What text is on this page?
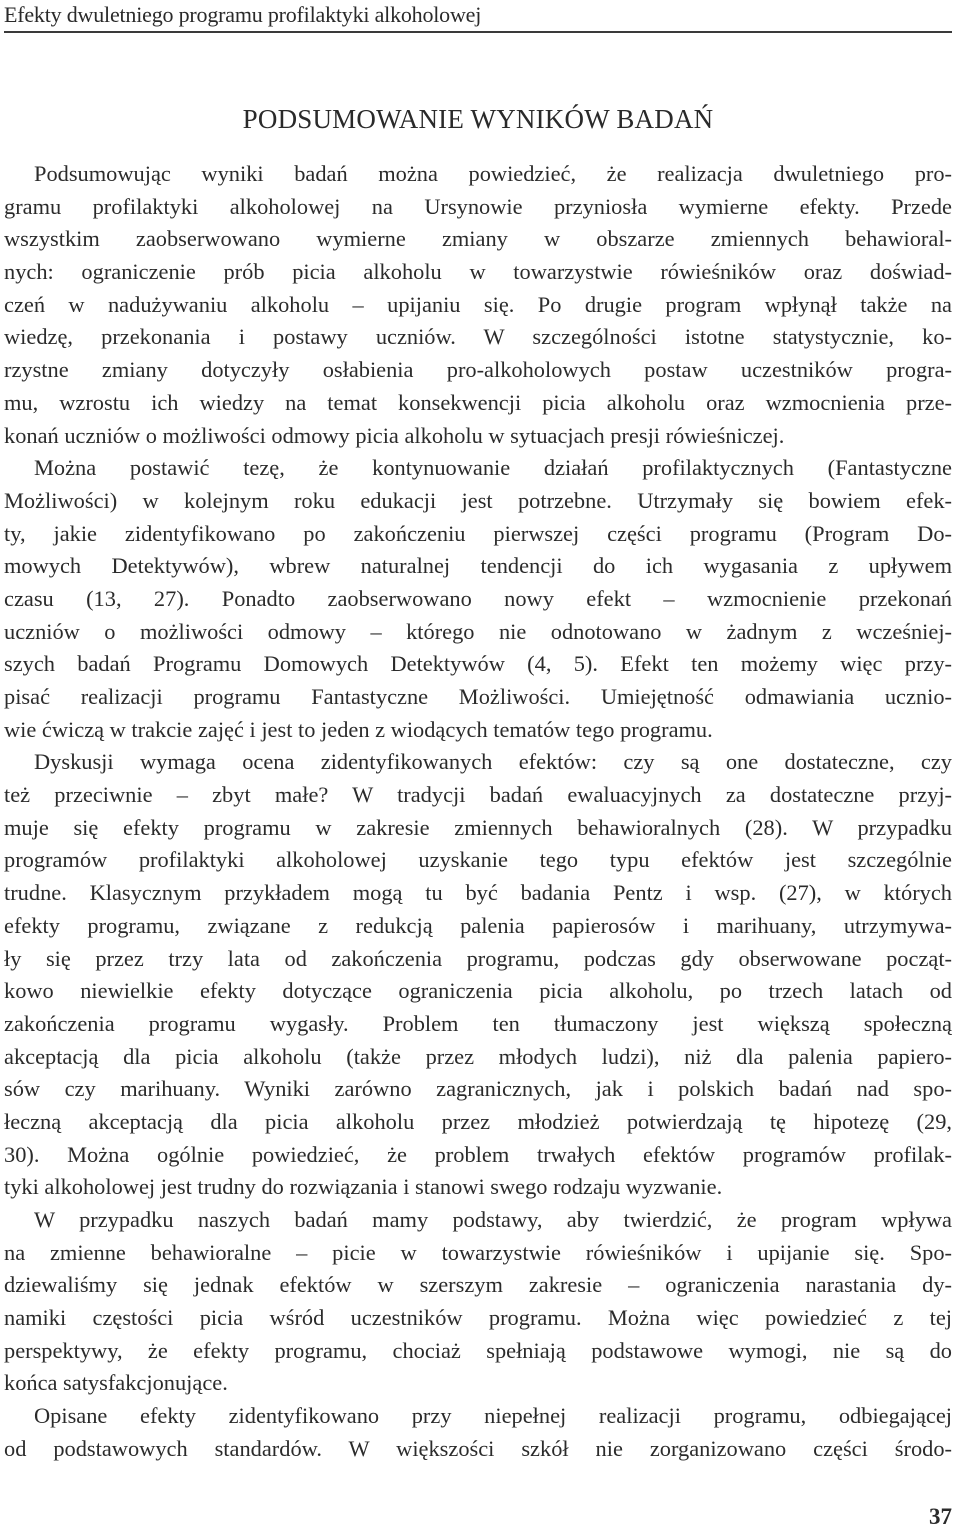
Efekty dwuletniego programu profilaktyki alkoholowej
PODSUMOWANIE WYNIKÓW BADAŃ
Podsumowując wyniki badań można powiedzieć, że realizacja dwuletniego pro-
gramu profilaktyki alkoholowej na Ursynowie przyniosła wymierne efekty. Przede
wszystkim zaobserwowano wymierne zmiany w obszarze zmiennych behawioral-
nych: ograniczenie prób picia alkoholu w towarzystwie rówieśników oraz doświad-
czeń w nadużywaniu alkoholu – upijaniu się. Po drugie program wpłynął także na
wiedzę, przekonania i postawy uczniów. W szczególności istotne statystycznie, ko-
rzystne zmiany dotyczyły osłabienia pro-alkoholowych postaw uczestników progra-
mu, wzrostu ich wiedzy na temat konsekwencji picia alkoholu oraz wzmocnienia prze-
konań uczniów o możliwości odmowy picia alkoholu w sytuacjach presji rówieśniczej.
Można postawić tezę, że kontynuowanie działań profilaktycznych (Fantastyczne
Możliwości) w kolejnym roku edukacji jest potrzebne. Utrzymały się bowiem efek-
ty, jakie zidentyfikowano po zakończeniu pierwszej części programu (Program Do-
mowych Detektywów), wbrew naturalnej tendencji do ich wygasania z upływem
czasu (13, 27). Ponadto zaobserwowano nowy efekt – wzmocnienie przekonań
uczniów o możliwości odmowy – którego nie odnotowano w żadnym z wcześniej-
szych badań Programu Domowych Detektywów (4, 5). Efekt ten możemy więc przy-
pisać realizacji programu Fantastyczne Możliwości. Umiejętność odmawiania ucznio-
wie ćwiczą w trakcie zajęć i jest to jeden z wiodących tematów tego programu.
Dyskusji wymaga ocena zidentyfikowanych efektów: czy są one dostateczne, czy
też przeciwnie – zbyt małe? W tradycji badań ewaluacyjnych za dostateczne przyj-
muje się efekty programu w zakresie zmiennych behawioralnych (28). W przypadku
programów profilaktyki alkoholowej uzyskanie tego typu efektów jest szczególnie
trudne. Klasycznym przykładem mogą tu być badania Pentz i wsp. (27), w których
efekty programu, związane z redukcją palenia papierosów i marihuany, utrzymywa-
ły się przez trzy lata od zakończenia programu, podczas gdy obserwowane począt-
kowo niewielkie efekty dotyczące ograniczenia picia alkoholu, po trzech latach od
zakończenia programu wygasły. Problem ten tłumaczony jest większą społeczną
akceptacją dla picia alkoholu (także przez młodych ludzi), niż dla palenia papiero-
sów czy marihuany. Wyniki zarówno zagranicznych, jak i polskich badań nad spo-
łeczną akceptacją dla picia alkoholu przez młodzież potwierdzają tę hipotezę (29,
30). Można ogólnie powiedzieć, że problem trwałych efektów programów profilak-
tyki alkoholowej jest trudny do rozwiązania i stanowi swego rodzaju wyzwanie.
W przypadku naszych badań mamy podstawy, aby twierdzić, że program wpływa
na zmienne behawioralne – picie w towarzystwie rówieśników i upijanie się. Spo-
dziewaliśmy się jednak efektów w szerszym zakresie – ograniczenia narastania dy-
namiki częstości picia wśród uczestników programu. Można więc powiedzieć z tej
perspektywy, że efekty programu, chociaż spełniają podstawowe wymogi, nie są do
końca satysfakcjonujące.
Opisane efekty zidentyfikowano przy niepełnej realizacji programu, odbiegającej
od podstawowych standardów. W większości szkół nie zorganizowano części środo-
37
